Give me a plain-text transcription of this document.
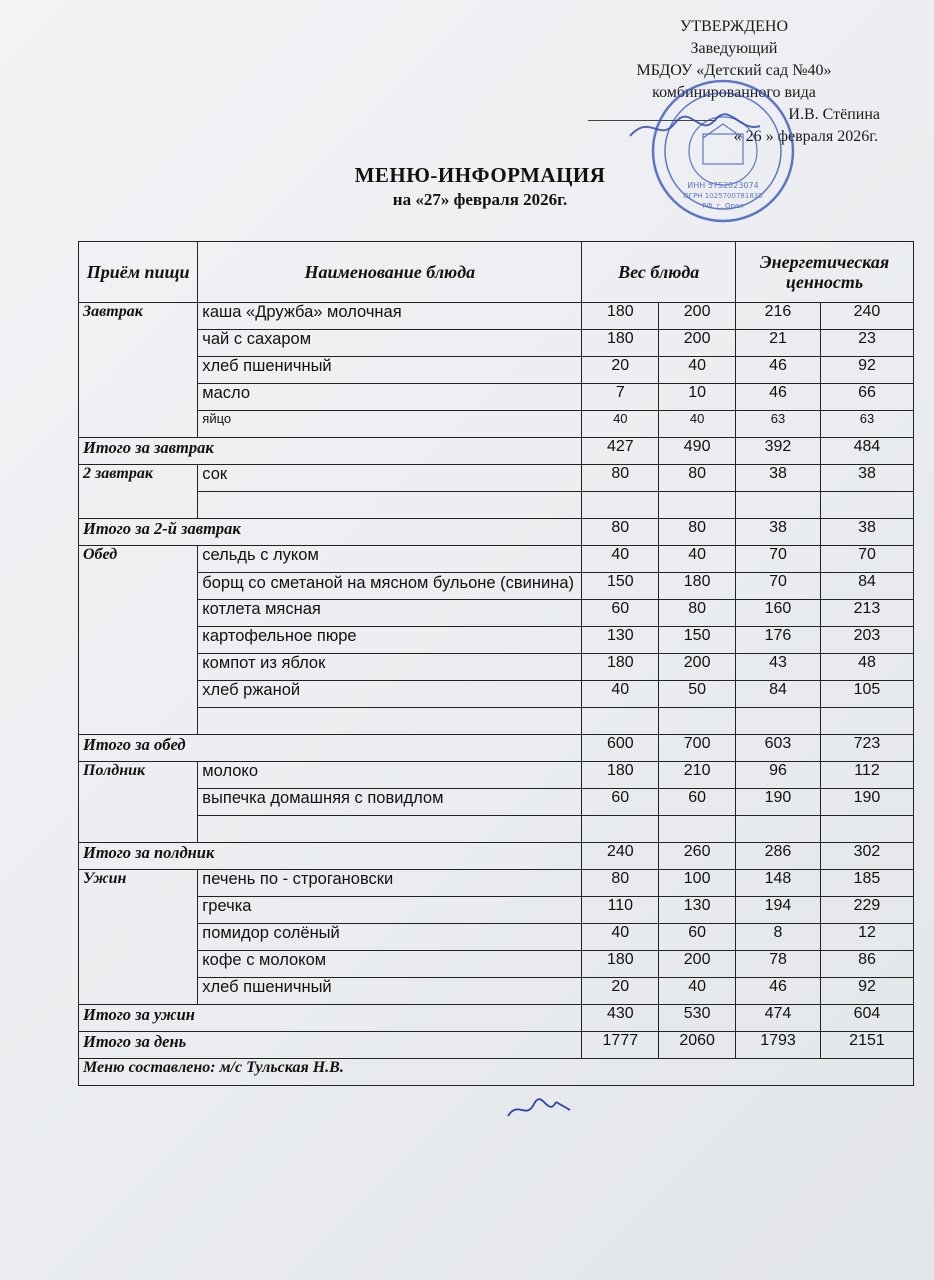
УТВЕРЖДЕНО
Заведующий
МБДОУ «Детский сад №40»
комбинированного вида
________________	И.В. Стёпина
« 26 » февраля 2026г.
ИНН 5752023074
ОГРН 1025700781838
РФ, г. Орел
МЕНЮ-ИНФОРМАЦИЯ
на «27» февраля 2026г.
Приём пищи	Наименование блюда	Вес блюда		Энергетическая ценность	
Завтрак	каша «Дружба» молочная	180	200	216	240
	чай с сахаром	180	200	21	23
	хлеб пшеничный	20	40	46	92
	масло	7	10	46	66
	яйцо	40	40	63	63
Итого за завтрак		427	490	392	484
2 завтрак	сок	80	80	38	38

Итого за 2-й завтрак		80	80	38	38
Обед	сельдь с луком	40	40	70	70
	борщ со сметаной на мясном бульоне (свинина)	150	180	70	84
	котлета мясная	60	80	160	213
	картофельное пюре	130	150	176	203
	компот из яблок	180	200	43	48
	хлеб ржаной	40	50	84	105

Итого за обед		600	700	603	723
Полдник	молоко	180	210	96	112
	выпечка домашняя с повидлом	60	60	190	190

Итого за полдник		240	260	286	302
Ужин	печень по - строгановски	80	100	148	185
	гречка	110	130	194	229
	помидор солёный	40	60	8	12
	кофе с молоком	180	200	78	86
	хлеб пшеничный	20	40	46	92
Итого за ужин		430	530	474	604
Итого за день		1777	2060	1793	2151
Меню составлено: м/с Тульская Н.В.					
